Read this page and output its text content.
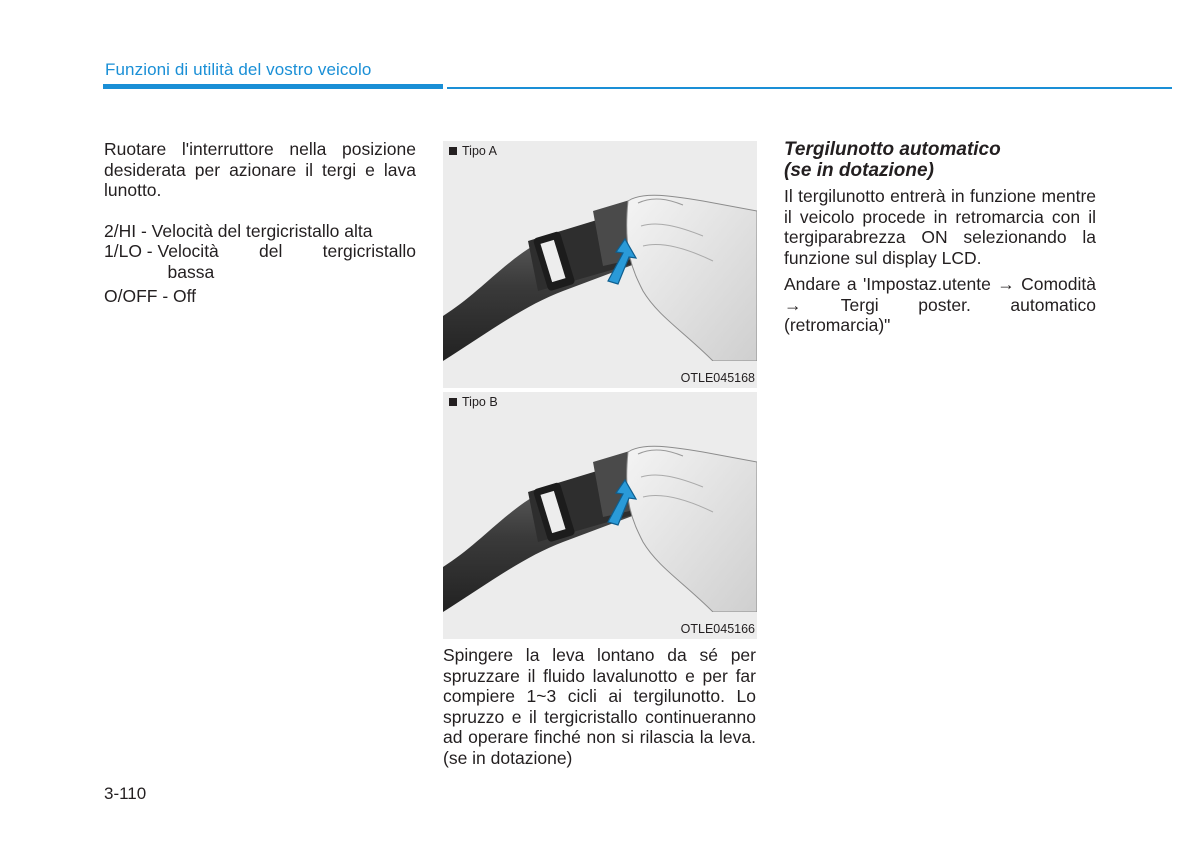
Funzioni di utilità del vostro veicolo

Ruotare l'interruttore nella posizione desiderata per azionare il tergi e lava lunotto.

2/HI - Velocità del tergicristallo alta

1/LO - Velocità del tergicristallo
bassa

O/OFF - Off

Tipo A
OTLE045168
Tipo B
OTLE045166
Spingere la leva lontano da sé per spruzzare il fluido lavalunotto e per far compiere 1~3 cicli ai tergilunotto. Lo spruzzo e il tergicristallo continueranno ad operare finché non si rilascia la leva. (se in dotazione)
Tergilunotto automatico
(se in dotazione)

Il tergilunotto entrerà in funzione mentre il veicolo procede in retromarcia con il tergiparabrezza ON selezionando la funzione sul display LCD.

Andare a 'Impostaz.utente → Comodità → Tergi poster. automatico (retromarcia)"

3-110
